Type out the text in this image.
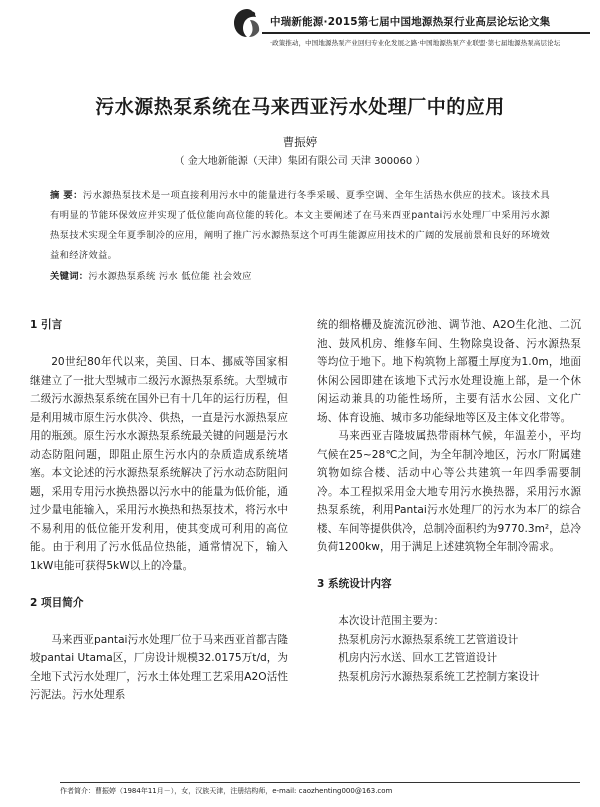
中瑞新能源·2015第七届中国地源热泵行业高层论坛论文集
·政策推动，中国地源热泵产业回归专业化发展之路·中国地源热泵产业联盟·第七届地源热泵高层论坛
污水源热泵系统在马来西亚污水处理厂中的应用
曹振婷
（ 金大地新能源（天津）集团有限公司 天津 300060 ）
摘 要：污水源热泵技术是一项直接利用污水中的能量进行冬季采暖、夏季空调、全年生活热水供应的技术。该技术具有明显的节能环保效应并实现了低位能向高位能的转化。本文主要阐述了在马来西亚pantai污水处理厂中采用污水源热泵技术实现全年夏季制冷的应用，阐明了推广污水源热泵这个可再生能源应用技术的广阔的发展前景和良好的环境效益和经济效益。
关键词：污水源热泵系统 污水 低位能 社会效应
1 引言

20世纪80年代以来，美国、日本、挪威等国家相继建立了一批大型城市二级污水源热泵系统。大型城市二级污水源热泵系统在国外已有十几年的运行历程，但是利用城市原生污水供冷、供热，一直是污水源热泵应用的瓶颈。原生污水水源热泵系统最关键的问题是污水动态防阻问题，即阻止原生污水内的杂质造成系统堵塞。本文论述的污水源热泵系统解决了污水动态防阻问题，采用专用污水换热器以污水中的能量为低价能，通过少量电能输入，采用污水换热和热泵技术，将污水中不易利用的低位能开发利用，使其变成可利用的高位能。由于利用了污水低品位热能，通常情况下，输入1kW电能可获得5kW以上的冷量。

2 项目简介

马来西亚pantai污水处理厂位于马来西亚首都吉隆坡pantai Utama区，厂房设计规模32.0175万t/d，为全地下式污水处理厂，污水土体处理工艺采用A2O活性污泥法。污水处理系

统的细格栅及旋流沉砂池、调节池、A2O生化池、二沉池、鼓风机房、维修车间、生物除臭设备、污水源热泵等均位于地下。地下构筑物上部覆土厚度为1.0m，地面休闲公园即建在该地下式污水处理设施上部，是一个休闲运动兼具的功能性场所，主要有活水公园、文化广场、体育设施、城市多功能绿地等区及主体文化带等。

马来西亚吉隆坡属热带雨林气候，年温差小，平均气候在25~28℃之间，为全年制冷地区，污水厂附属建筑物如综合楼、活动中心等公共建筑一年四季需要制冷。本工程拟采用金大地专用污水换热器，采用污水源热泵系统，利用Pantai污水处理厂的污水为本厂的综合楼、车间等提供供冷，总制冷面积约为9770.3m²，总冷负荷1200kw，用于满足上述建筑物全年制冷需求。

3 系统设计内容

本次设计范围主要为：

热泵机房污水源热泵系统工艺管道设计

机房内污水送、回水工艺管道设计

热泵机房污水源热泵系统工艺控制方案设计

作者简介：曹振婷（1984年11月－），女，汉族天津，注册结构师，e-mail: caozhenting000@163.com
